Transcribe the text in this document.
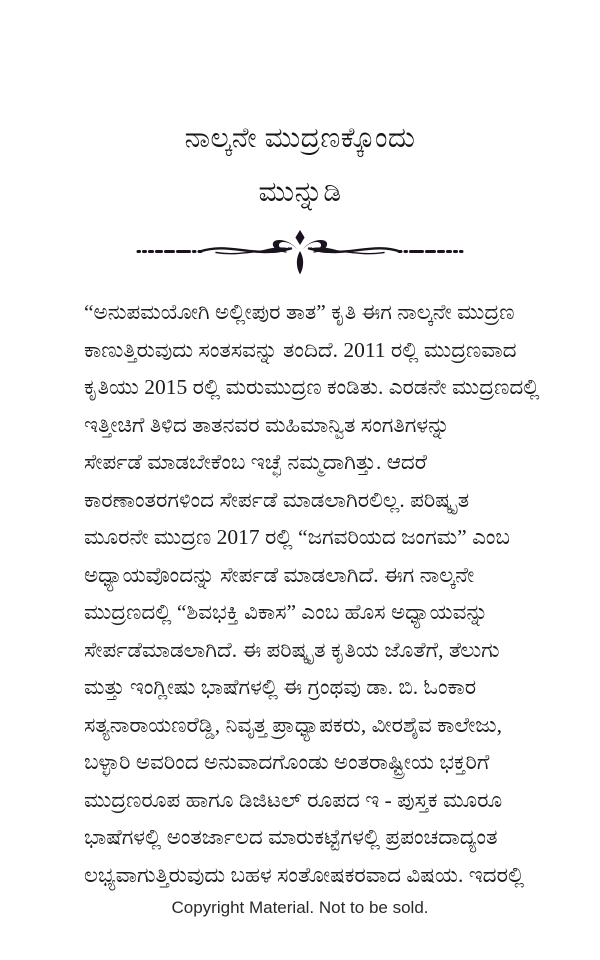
ನಾಲ್ಕನೇ ಮುದ್ರಣಕ್ಕೊಂದು
ಮುನ್ನುಡಿ
“ಅನುಪಮಯೋಗಿ ಅಲ್ಲೀಪುರ ತಾತ” ಕೃತಿ ಈಗ ನಾಲ್ಕನೇ ಮುದ್ರಣ
ಕಾಣುತ್ತಿರುವುದು ಸಂತಸವನ್ನು ತಂದಿದೆ. 2011 ರಲ್ಲಿ ಮುದ್ರಣವಾದ
ಕೃತಿಯು 2015 ರಲ್ಲಿ ಮರುಮುದ್ರಣ ಕಂಡಿತು. ಎರಡನೇ ಮುದ್ರಣದಲ್ಲಿ
ಇತ್ತೀಚಿಗೆ ತಿಳಿದ ತಾತನವರ ಮಹಿಮಾನ್ವಿತ ಸಂಗತಿಗಳನ್ನು
ಸೇರ್ಪಡೆ ಮಾಡಬೇಕೆಂಬ ಇಚ್ಛೆ ನಮ್ಮದಾಗಿತ್ತು. ಆದರೆ
ಕಾರಣಾಂತರಗಳಿಂದ ಸೇರ್ಪಡೆ ಮಾಡಲಾಗಿರಲಿಲ್ಲ. ಪರಿಷ್ಕೃತ
ಮೂರನೇ ಮುದ್ರಣ 2017 ರಲ್ಲಿ “ಜಗವರಿಯದ ಜಂಗಮ” ಎಂಬ
ಅಧ್ಯಾಯವೊಂದನ್ನು ಸೇರ್ಪಡೆ ಮಾಡಲಾಗಿದೆ. ಈಗ ನಾಲ್ಕನೇ
ಮುದ್ರಣದಲ್ಲಿ “ಶಿವಭಕ್ತಿ ವಿಕಾಸ” ಎಂಬ ಹೊಸ ಅಧ್ಯಾಯವನ್ನು
ಸೇರ್ಪಡೆಮಾಡಲಾಗಿದೆ. ಈ ಪರಿಷ್ಕೃತ ಕೃತಿಯ ಜೊತೆಗೆ, ತೆಲುಗು
ಮತ್ತು ಇಂಗ್ಲೀಷು ಭಾಷೆಗಳಲ್ಲಿ ಈ ಗ್ರಂಥವು ಡಾ. ಬಿ. ಓಂಕಾರ
ಸತ್ಯನಾರಾಯಣರೆಡ್ಡಿ, ನಿವೃತ್ತ ಪ್ರಾಧ್ಯಾಪಕರು, ವೀರಶೈವ ಕಾಲೇಜು,
ಬಳ್ಳಾರಿ ಅವರಿಂದ ಅನುವಾದಗೊಂಡು ಅಂತರಾಷ್ಟ್ರೀಯ ಭಕ್ತರಿಗೆ
ಮುದ್ರಣರೂಪ ಹಾಗೂ ಡಿಜಿಟಲ್ ರೂಪದ ಇ - ಪುಸ್ತಕ ಮೂರೂ
ಭಾಷೆಗಳಲ್ಲಿ ಅಂತರ್ಜಾಲದ ಮಾರುಕಟ್ಟೆಗಳಲ್ಲಿ ಪ್ರಪಂಚದಾದ್ಯಂತ
ಲಭ್ಯವಾಗುತ್ತಿರುವುದು ಬಹಳ ಸಂತೋಷಕರವಾದ ವಿಷಯ. ಇದರಲ್ಲಿ
Copyright Material. Not to be sold.
